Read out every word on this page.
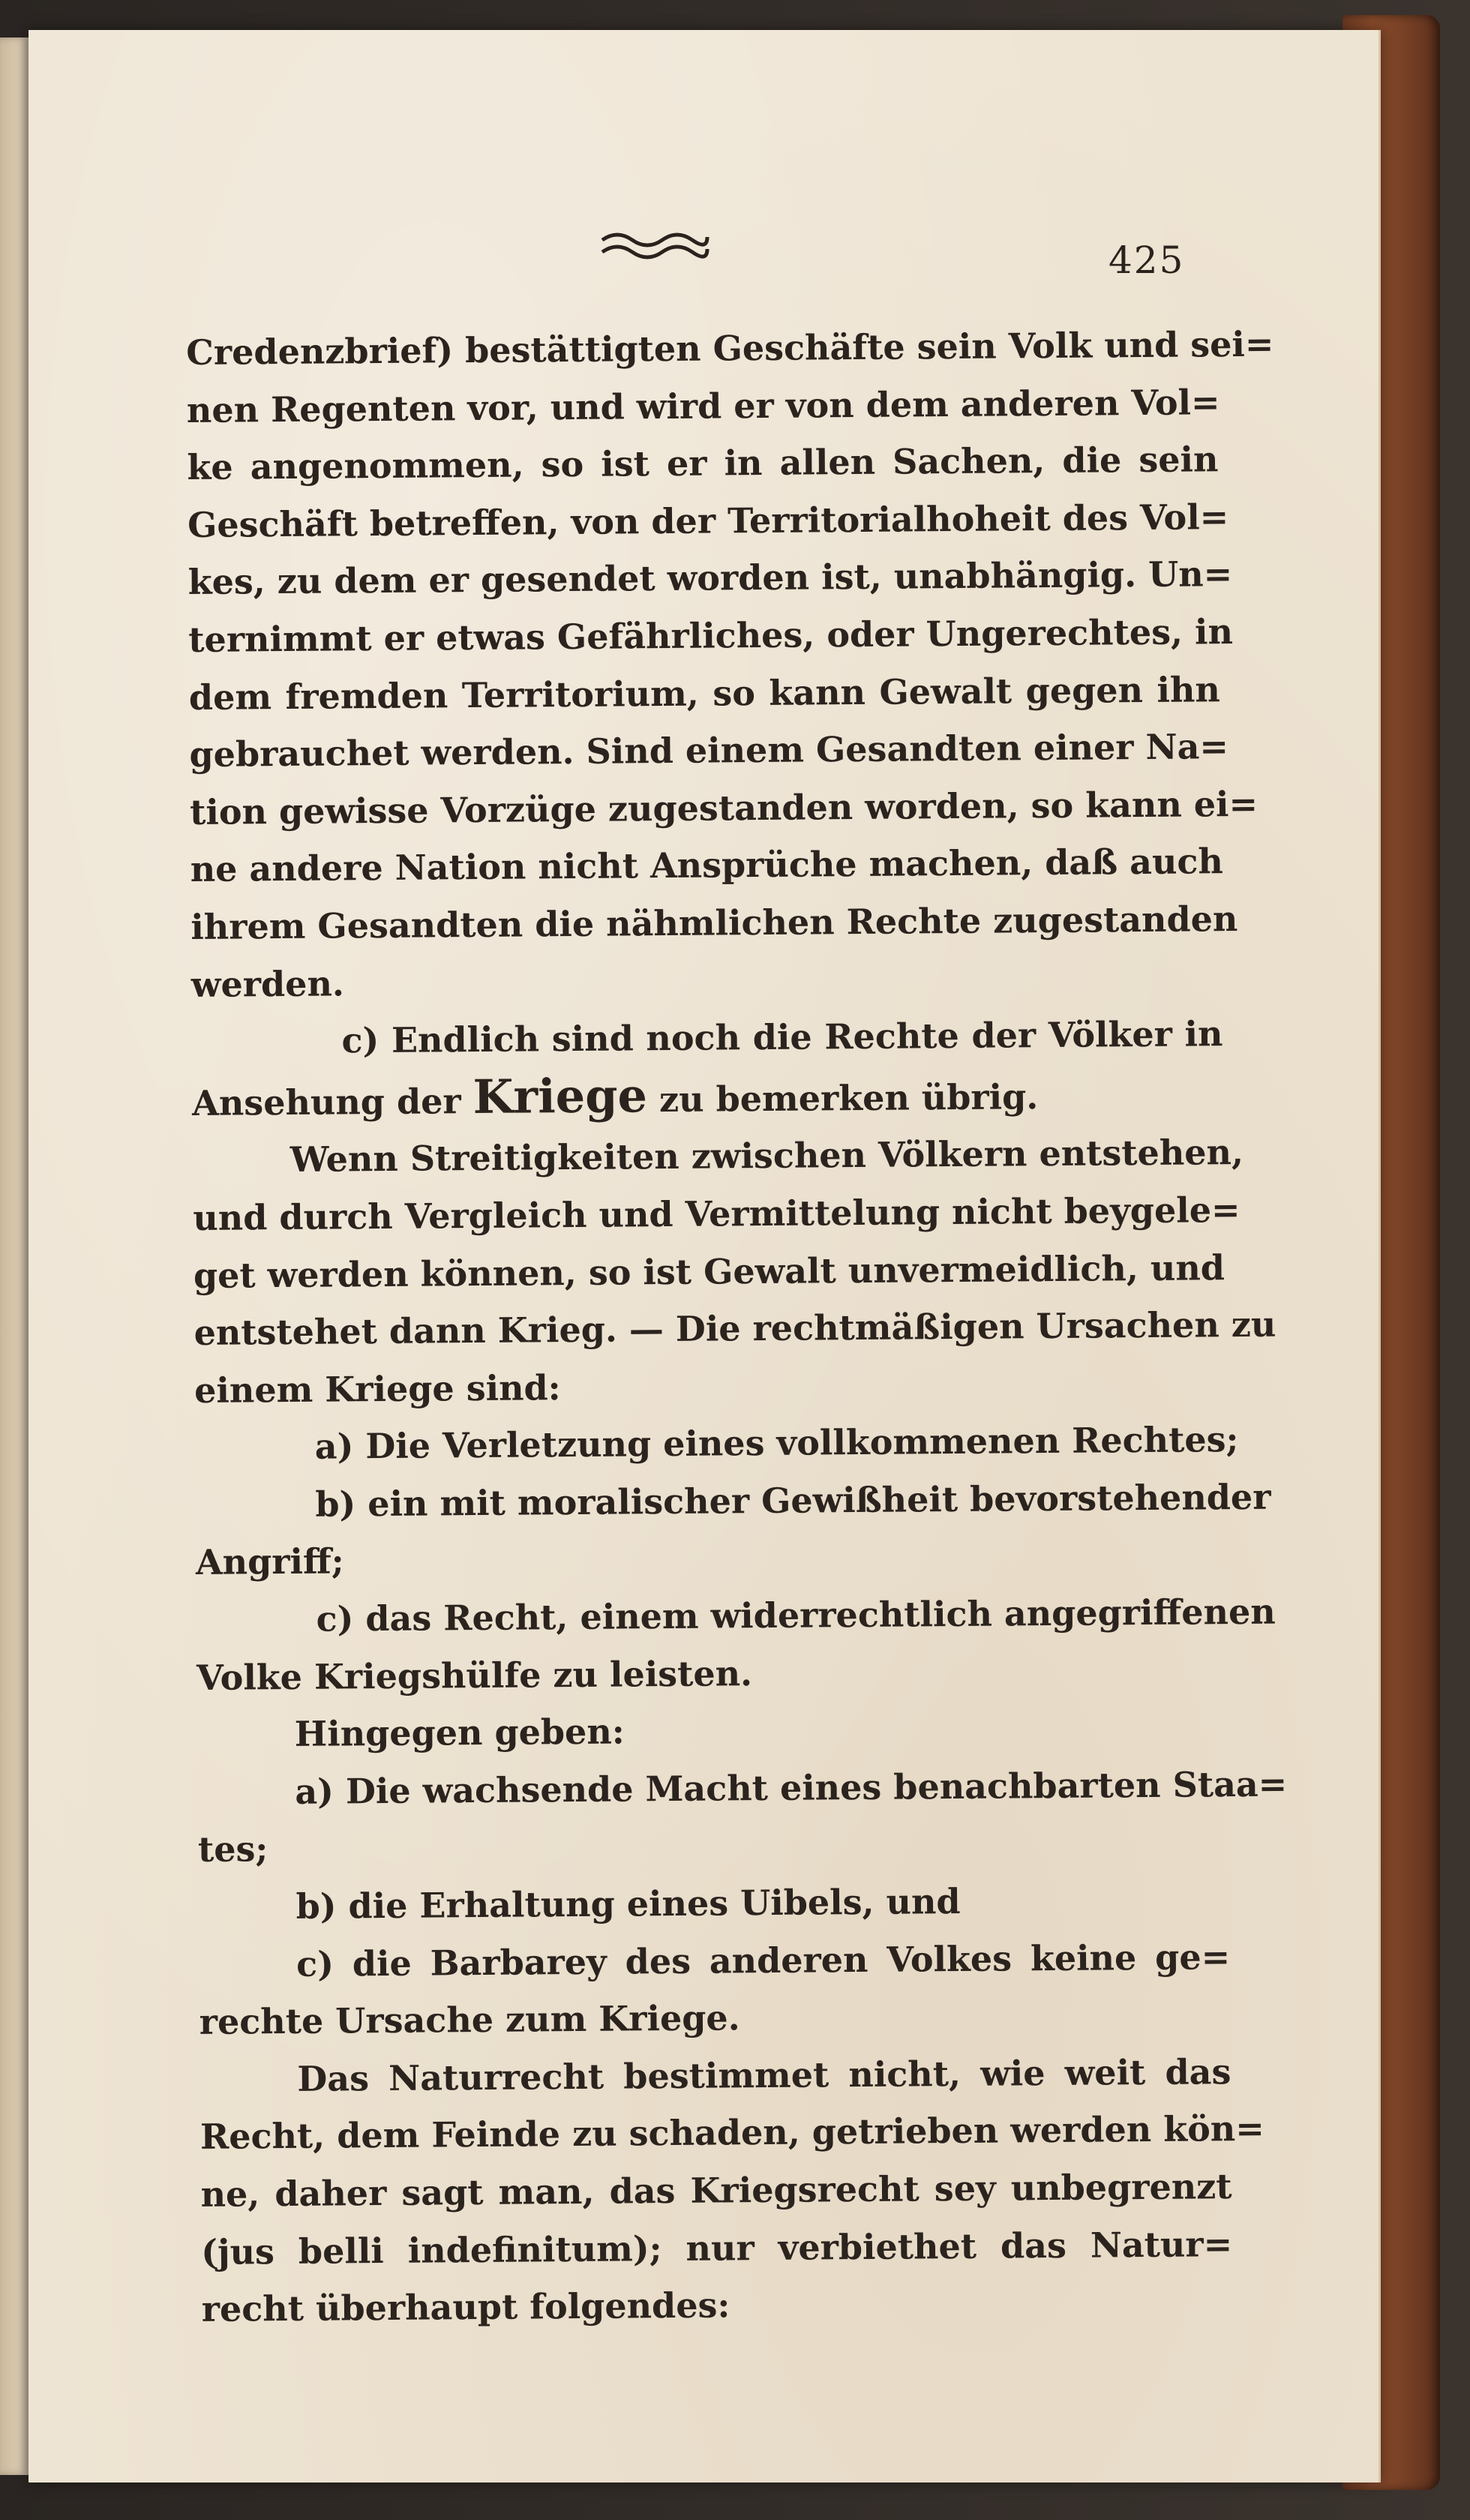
425

Credenzbrief) bestättigten Geschäfte sein Volk und sei=
nen Regenten vor, und wird er von dem anderen Vol=
ke angenommen, so ist er in allen Sachen, die sein
Geschäft betreffen, von der Territorialhoheit des Vol=
kes, zu dem er gesendet worden ist, unabhängig. Un=
ternimmt er etwas Gefährliches, oder Ungerechtes, in
dem fremden Territorium, so kann Gewalt gegen ihn
gebrauchet werden. Sind einem Gesandten einer Na=
tion gewisse Vorzüge zugestanden worden, so kann ei=
ne andere Nation nicht Ansprüche machen, daß auch
ihrem Gesandten die nähmlichen Rechte zugestanden
werden.

c) Endlich sind noch die Rechte der Völker in
Ansehung der Kriege zu bemerken übrig.

Wenn Streitigkeiten zwischen Völkern entstehen,
und durch Vergleich und Vermittelung nicht beygele=
get werden können, so ist Gewalt unvermeidlich, und
entstehet dann Krieg. — Die rechtmäßigen Ursachen zu
einem Kriege sind:

a) Die Verletzung eines vollkommenen Rechtes;
b) ein mit moralischer Gewißheit bevorstehender
Angriff;
c) das Recht, einem widerrechtlich angegriffenen
Volke Kriegshülfe zu leisten.

Hingegen geben:

a) Die wachsende Macht eines benachbarten Staa=
tes;
b) die Erhaltung eines Uibels, und
c) die Barbarey des anderen Volkes keine ge=
rechte Ursache zum Kriege.

Das Naturrecht bestimmet nicht, wie weit das
Recht, dem Feinde zu schaden, getrieben werden kön=
ne, daher sagt man, das Kriegsrecht sey unbegrenzt
(jus belli indefinitum); nur verbiethet das Natur=
recht überhaupt folgendes:
